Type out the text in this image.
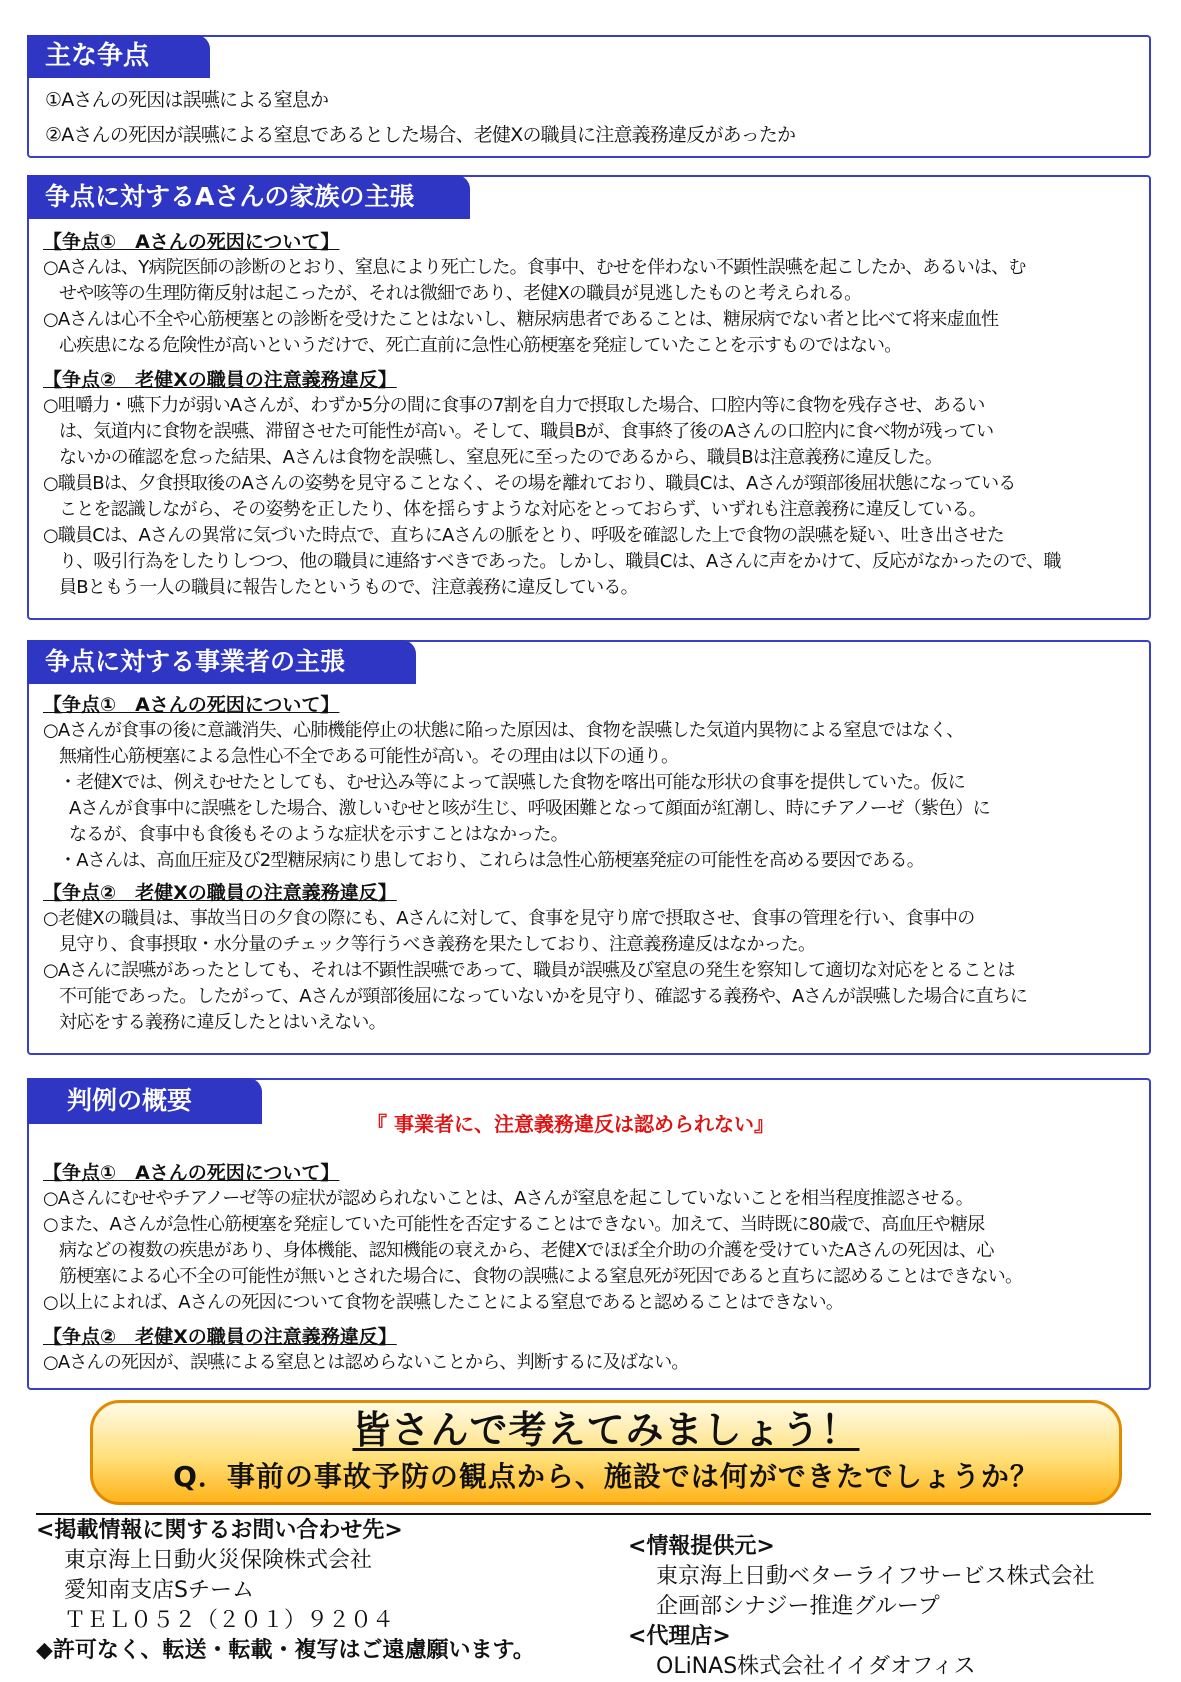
主な争点

①Aさんの死因は誤嚥による窒息か

②Aさんの死因が誤嚥による窒息であるとした場合、老健Xの職員に注意義務違反があったか

争点に対するAさんの家族の主張

【争点①　Aさんの死因について】

○Aさんは、Y病院医師の診断のとおり、窒息により死亡した。食事中、むせを伴わない不顕性誤嚥を起こしたか、あるいは、む

せや咳等の生理防衛反射は起こったが、それは微細であり、老健Xの職員が見逃したものと考えられる。

○Aさんは心不全や心筋梗塞との診断を受けたことはないし、糖尿病患者であることは、糖尿病でない者と比べて将来虚血性

心疾患になる危険性が高いというだけで、死亡直前に急性心筋梗塞を発症していたことを示すものではない。

【争点②　老健Xの職員の注意義務違反】

○咀嚼力・嚥下力が弱いAさんが、わずか5分の間に食事の7割を自力で摂取した場合、口腔内等に食物を残存させ、あるい

は、気道内に食物を誤嚥、滞留させた可能性が高い。そして、職員Bが、食事終了後のAさんの口腔内に食べ物が残ってい

ないかの確認を怠った結果、Aさんは食物を誤嚥し、窒息死に至ったのであるから、職員Bは注意義務に違反した。

○職員Bは、夕食摂取後のAさんの姿勢を見守ることなく、その場を離れており、職員Cは、Aさんが頸部後屈状態になっている

ことを認識しながら、その姿勢を正したり、体を揺らすような対応をとっておらず、いずれも注意義務に違反している。

○職員Cは、Aさんの異常に気づいた時点で、直ちにAさんの脈をとり、呼吸を確認した上で食物の誤嚥を疑い、吐き出させた

り、吸引行為をしたりしつつ、他の職員に連絡すべきであった。しかし、職員Cは、Aさんに声をかけて、反応がなかったので、職

員Bともう一人の職員に報告したというもので、注意義務に違反している。

争点に対する事業者の主張

【争点①　Aさんの死因について】

○Aさんが食事の後に意識消失、心肺機能停止の状態に陥った原因は、食物を誤嚥した気道内異物による窒息ではなく、

無痛性心筋梗塞による急性心不全である可能性が高い。その理由は以下の通り。

・老健Xでは、例えむせたとしても、むせ込み等によって誤嚥した食物を喀出可能な形状の食事を提供していた。仮に

Aさんが食事中に誤嚥をした場合、激しいむせと咳が生じ、呼吸困難となって顔面が紅潮し、時にチアノーゼ（紫色）に

なるが、食事中も食後もそのような症状を示すことはなかった。

・Aさんは、高血圧症及び2型糖尿病にり患しており、これらは急性心筋梗塞発症の可能性を高める要因である。

【争点②　老健Xの職員の注意義務違反】

○老健Xの職員は、事故当日の夕食の際にも、Aさんに対して、食事を見守り席で摂取させ、食事の管理を行い、食事中の

見守り、食事摂取・水分量のチェック等行うべき義務を果たしており、注意義務違反はなかった。

○Aさんに誤嚥があったとしても、それは不顕性誤嚥であって、職員が誤嚥及び窒息の発生を察知して適切な対応をとることは

不可能であった。したがって、Aさんが頸部後屈になっていないかを見守り、確認する義務や、Aさんが誤嚥した場合に直ちに

対応をする義務に違反したとはいえない。

判例の概要
『 事業者に、注意義務違反は認められない』

【争点①　Aさんの死因について】

○Aさんにむせやチアノーゼ等の症状が認められないことは、Aさんが窒息を起こしていないことを相当程度推認させる。

○また、Aさんが急性心筋梗塞を発症していた可能性を否定することはできない。加えて、当時既に80歳で、高血圧や糖尿

病などの複数の疾患があり、身体機能、認知機能の衰えから、老健Xでほぼ全介助の介護を受けていたAさんの死因は、心

筋梗塞による心不全の可能性が無いとされた場合に、食物の誤嚥による窒息死が死因であると直ちに認めることはできない。

○以上によれば、Aさんの死因について食物を誤嚥したことによる窒息であると認めることはできない。

【争点②　老健Xの職員の注意義務違反】

○Aさんの死因が、誤嚥による窒息とは認めらないことから、判断するに及ばない。

皆さんで考えてみましょう！
Q．事前の事故予防の観点から、施設では何ができたでしょうか？
<掲載情報に関するお問い合わせ先>
東京海上日動火災保険株式会社
愛知南支店Sチーム
ＴＥＬ０５２（２０１）９２０４
◆許可なく、転送・転載・複写はご遠慮願います。
<情報提供元>
東京海上日動ベターライフサービス株式会社
企画部シナジー推進グループ
<代理店>
OLiNAS株式会社イイダオフィス
